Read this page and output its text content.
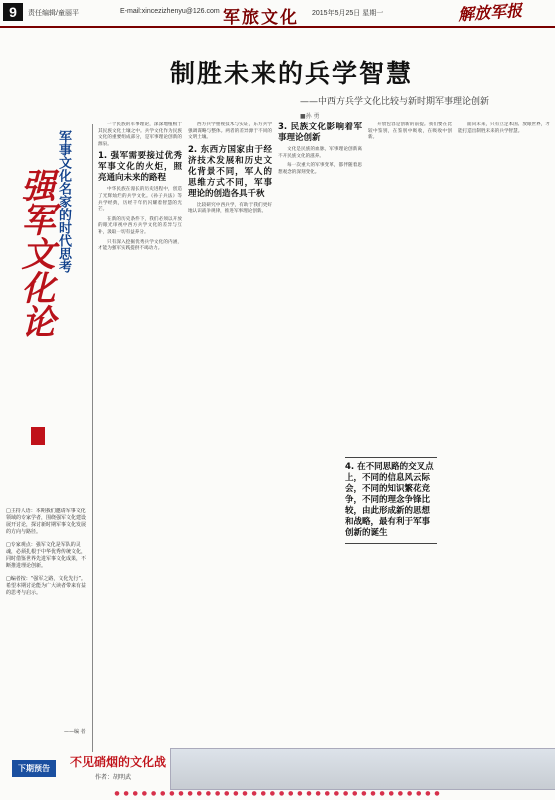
9	责任编辑/童丽平	E-mail:xincezizhenyu@126.com 军旅文化 2015年5月25日 星期一	解放军报
制胜未来的兵学智慧
——中西方兵学文化比较与新时期军事理论创新
■孙 勇
军事文化名家的时代思考
强军文化论

□主持人语：本期我们邀请军事文化领域的专家学者，围绕强军文化建设展开讨论，探讨新时期军事文化发展的方向与路径。

□专家观点：强军文化是军队的灵魂，必须扎根于中华优秀传统文化，同时借鉴世界先进军事文化成果，不断推进理论创新。

□编者按：“强军之路，文化先行”。希望本期讨论能为广大读者带来有益的思考与启示。

——编 者

一个民族的军事理论，深深地植根于其民族文化土壤之中。兵学文化作为民族文化的重要组成部分，是军事理论创新的源泉。

1. 强军需要接过优秀军事文化的火炬，照亮通向未来的路程

中华民族在漫长的历史进程中，创造了光辉灿烂的兵学文化。《孙子兵法》等兵学经典，历经千年仍闪耀着智慧的光芒。

在新的历史条件下，我们必须以开放的眼光审视中西方兵学文化的差异与互补，汲取一切有益养分。

只有深入挖掘优秀兵学文化的内涵，才能为强军实践提供不竭动力。

西方兵学重视技术与实证，东方兵学强调谋略与整体。两者的差异源于不同的文明土壤。

2. 东西方国家由于经济技术发展和历史文化背景不同，军人的思维方式不同，军事理论的创造各具千秋

比较研究中西兵学，有助于我们更好地认识战争规律，推进军事理论创新。

3. 民族文化影响着军事理论创新

文化是民族的血脉，军事理论创新离不开民族文化的滋养。

每一次重大的军事变革，都伴随着思想观念的深刻变化。

开放包容是创新的前提。我们要在比较中鉴别，在鉴别中吸收，在吸收中创新。

4. 在不同思路的交叉点上，不同的信息风云际会，不同的知识繁花竞争，不同的理念争锋比较，由此形成新的思想和战略，最有利于军事创新的诞生

面向未来，只有立足本国、放眼世界，才能打造出制胜未来的兵学智慧。

下期预告	不见硝烟的文化战
作者：胡明武
● ● ● ● ● ● ● ● ● ● ● ● ● ● ● ● ● ● ● ● ● ● ● ● ● ● ● ● ● ● ● ● ● ● ● ●
